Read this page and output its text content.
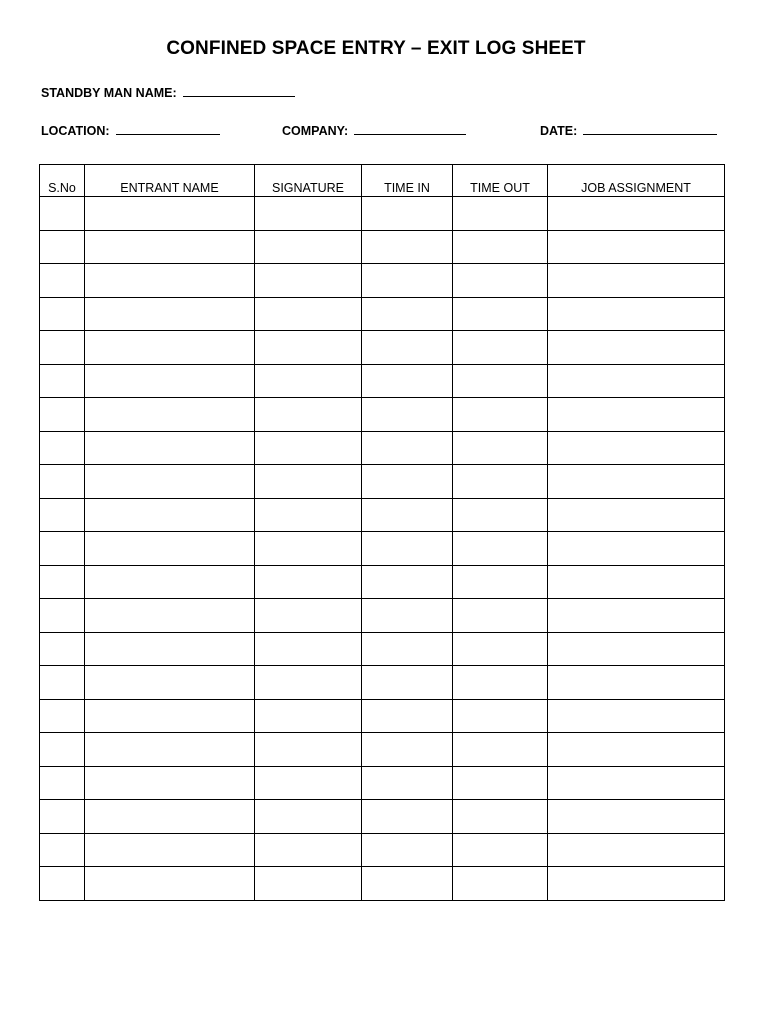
CONFINED SPACE ENTRY – EXIT LOG SHEET
STANDBY MAN NAME:
LOCATION:	COMPANY:	DATE:
S.No	ENTRANT NAME	SIGNATURE	TIME IN	TIME OUT	JOB ASSIGNMENT
